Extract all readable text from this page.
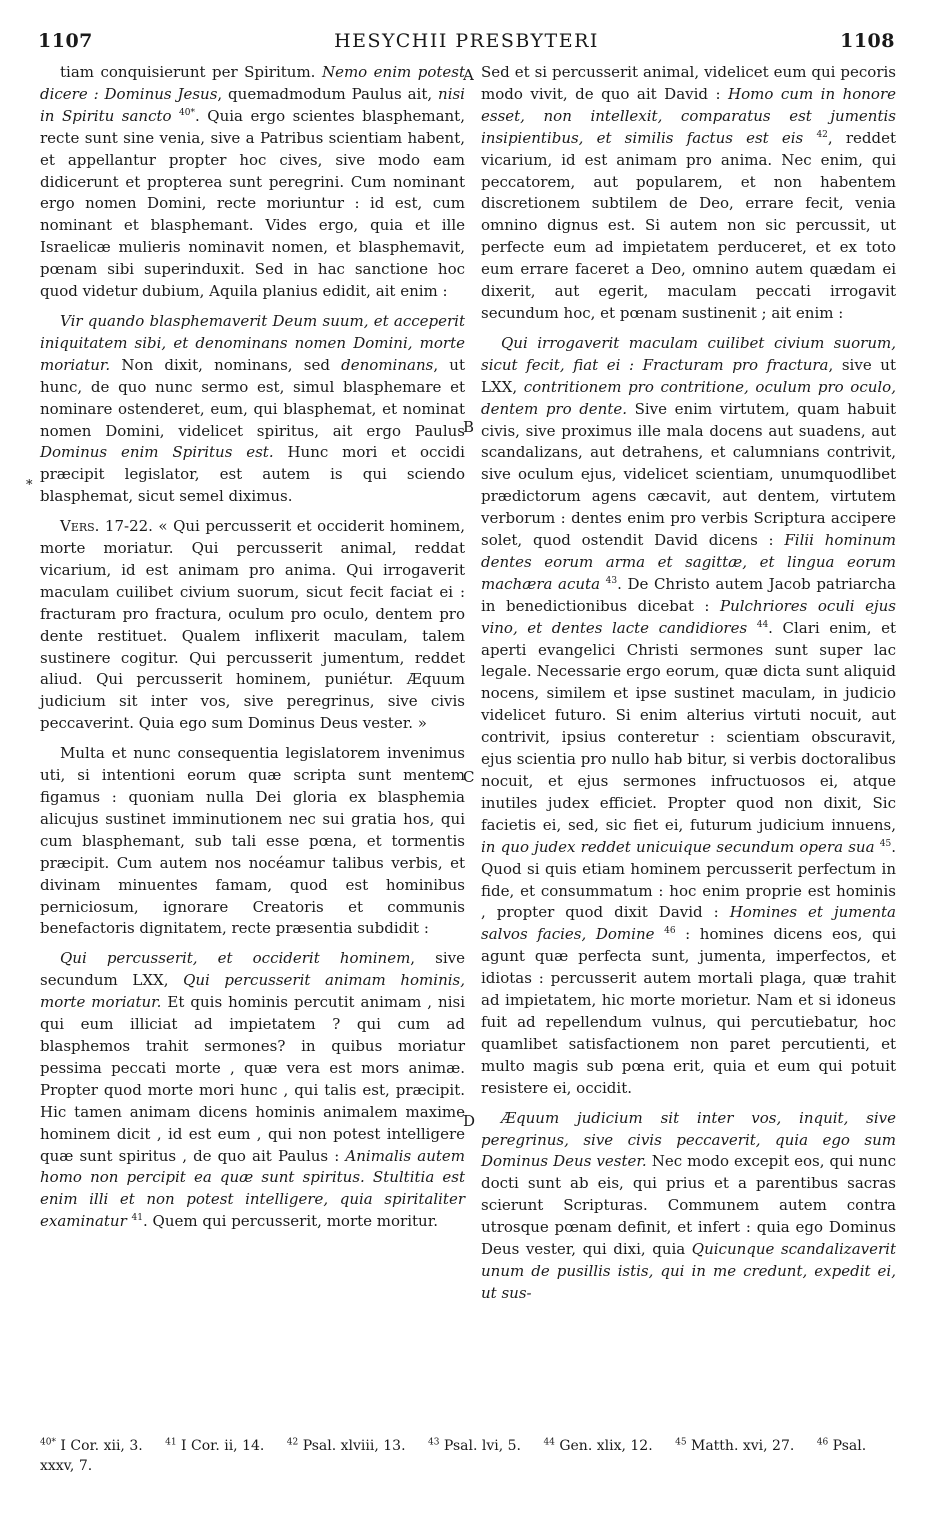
1107	HESYCHII PRESBYTERI	1108

tiam conquisierunt per Spiritum. Nemo enim potest dicere : Dominus Jesus, quemadmodum Paulus ait, nisi in Spiritu sancto $^{40*}$. Quia ergo scientes blasphemant, recte sunt sine venia, sive a Patribus scientiam habent, et appellantur propter hoc cives, sive modo eam didicerunt et propterea sunt peregrini. Cum nominant ergo nomen Domini, recte moriuntur : id est, cum nominant et blasphemant. Vides ergo, quia et ille Israelicæ mulieris nominavit nomen, et blasphemavit, pœnam sibi superinduxit. Sed in hac sanctione hoc quod videtur dubium, Aquila planius edidit, ait enim :

Vir quando blasphemaverit Deum suum, et acceperit iniquitatem sibi, et denominans nomen Domini, morte moriatur. Non dixit, nominans, sed denominans, ut hunc, de quo nunc sermo est, simul blasphemare et nominare ostenderet, eum, qui blasphemat, et nominat nomen Domini, videlicet spiritus, ait ergo Paulus Dominus enim Spiritus est. Hunc mori et occidi præcipit legislator, est autem is qui sciendo blasphemat, sicut semel diximus.

Vers. 17-22. « Qui percusserit et occiderit hominem, morte moriatur. Qui percusserit animal, reddat vicarium, id est animam pro anima. Qui irrogaverit maculam cuilibet civium suorum, sicut fecit faciat ei : fracturam pro fractura, oculum pro oculo, dentem pro dente restituet. Qualem inflixerit maculam, talem sustinere cogitur. Qui percusserit jumentum, reddet aliud. Qui percusserit hominem, puniétur. Æquum judicium sit inter vos, sive peregrinus, sive civis peccaverint. Quia ego sum Dominus Deus vester. »

Multa et nunc consequentia legislatorem invenimus uti, si intentioni eorum quæ scripta sunt mentem figamus : quoniam nulla Dei gloria ex blasphemia alicujus sustinet imminutionem nec sui gratia hos, qui cum blasphemant, sub tali esse pœna, et tormentis præcipit. Cum autem nos nocéamur talibus verbis, et divinam minuentes famam, quod est hominibus perniciosum, ignorare Creatoris et communis benefactoris dignitatem, recte præsentia subdidit :

Qui percusserit, et occiderit hominem, sive secundum LXX, Qui percusserit animam hominis, morte moriatur. Et quis hominis percutit animam , nisi qui eum illiciat ad impietatem ? qui cum ad blasphemos trahit sermones? in quibus moriatur pessima peccati morte , quæ vera est mors animæ. Propter quod morte mori hunc , qui talis est, præcipit. Hic tamen animam dicens hominis animalem maxime hominem dicit , id est eum , qui non potest intelligere quæ sunt spiritus , de quo ait Paulus : Animalis autem homo non percipit ea quæ sunt spiritus. Stultitia est enim illi et non potest intelligere, quia spiritaliter examinatur $^{41}$. Quem qui percusserit, morte moritur.

*
A
B
C
D

Sed et si percusserit animal, videlicet eum qui pecoris modo vivit, de quo ait David : Homo cum in honore esset, non intellexit, comparatus est jumentis insipientibus, et similis factus est eis $^{42}$, reddet vicarium, id est animam pro anima. Nec enim, qui peccatorem, aut popularem, et non habentem discretionem subtilem de Deo, errare fecit, venia omnino dignus est. Si autem non sic percussit, ut perfecte eum ad impietatem perduceret, et ex toto eum errare faceret a Deo, omnino autem quædam ei dixerit, aut egerit, maculam peccati irrogavit secundum hoc, et pœnam sustinenit ; ait enim :

Qui irrogaverit maculam cuilibet civium suorum, sicut fecit, fiat ei : Fracturam pro fractura, sive ut LXX, contritionem pro contritione, oculum pro oculo, dentem pro dente. Sive enim virtutem, quam habuit civis, sive proximus ille mala docens aut suadens, aut scandalizans, aut detrahens, et calumnians contrivit, sive oculum ejus, videlicet scientiam, unumquodlibet prædictorum agens cæcavit, aut dentem, virtutem verborum : dentes enim pro verbis Scriptura accipere solet, quod ostendit David dicens : Filii hominum dentes eorum arma et sagittæ, et lingua eorum machæra acuta $^{43}$. De Christo autem Jacob patriarcha in benedictionibus dicebat : Pulchriores oculi ejus vino, et dentes lacte candidiores $^{44}$. Clari enim, et aperti evangelici Christi sermones sunt super lac legale. Necessarie ergo eorum, quæ dicta sunt aliquid nocens, similem et ipse sustinet maculam, in judicio videlicet futuro. Si enim alterius virtuti nocuit, aut contrivit, ipsius conteretur : scientiam obscuravit, ejus scientia pro nullo hab bitur, si verbis doctoralibus nocuit, et ejus sermones infructuosos ei, atque inutiles judex efficiet. Propter quod non dixit, Sic facietis ei, sed, sic fiet ei, futurum judicium innuens, in quo judex reddet unicuique secundum opera sua $^{45}$. Quod si quis etiam hominem percusserit perfectum in fide, et consummatum : hoc enim proprie est hominis , propter quod dixit David : Homines et jumenta salvos facies, Domine $^{46}$ : homines dicens eos, qui agunt quæ perfecta sunt, jumenta, imperfectos, et idiotas : percusserit autem mortali plaga, quæ trahit ad impietatem, hic morte morietur. Nam et si idoneus fuit ad repellendum vulnus, qui percutiebatur, hoc quamlibet satisfactionem non paret percutienti, et multo magis sub pœna erit, quia et eum qui potuit resistere ei, occidit.

Æquum judicium sit inter vos, inquit, sive peregrinus, sive civis peccaverit, quia ego sum Dominus Deus vester. Nec modo excepit eos, qui nunc docti sunt ab eis, qui prius et a parentibus sacras scierunt Scripturas. Communem autem contra utrosque pœnam definit, et infert : quia ego Dominus Deus vester, qui dixi, quia Quicunque scandalizaverit unum de pusillis istis, qui in me credunt, expedit ei, ut sus-

$^{40*}$ I Cor. xii, 3. $^{41}$ I Cor. ii, 14. $^{42}$ Psal. xlviii, 13. $^{43}$ Psal. lvi, 5. $^{44}$ Gen. xlix, 12. $^{45}$ Matth. xvi, 27. $^{46}$ Psal. xxxv, 7.
